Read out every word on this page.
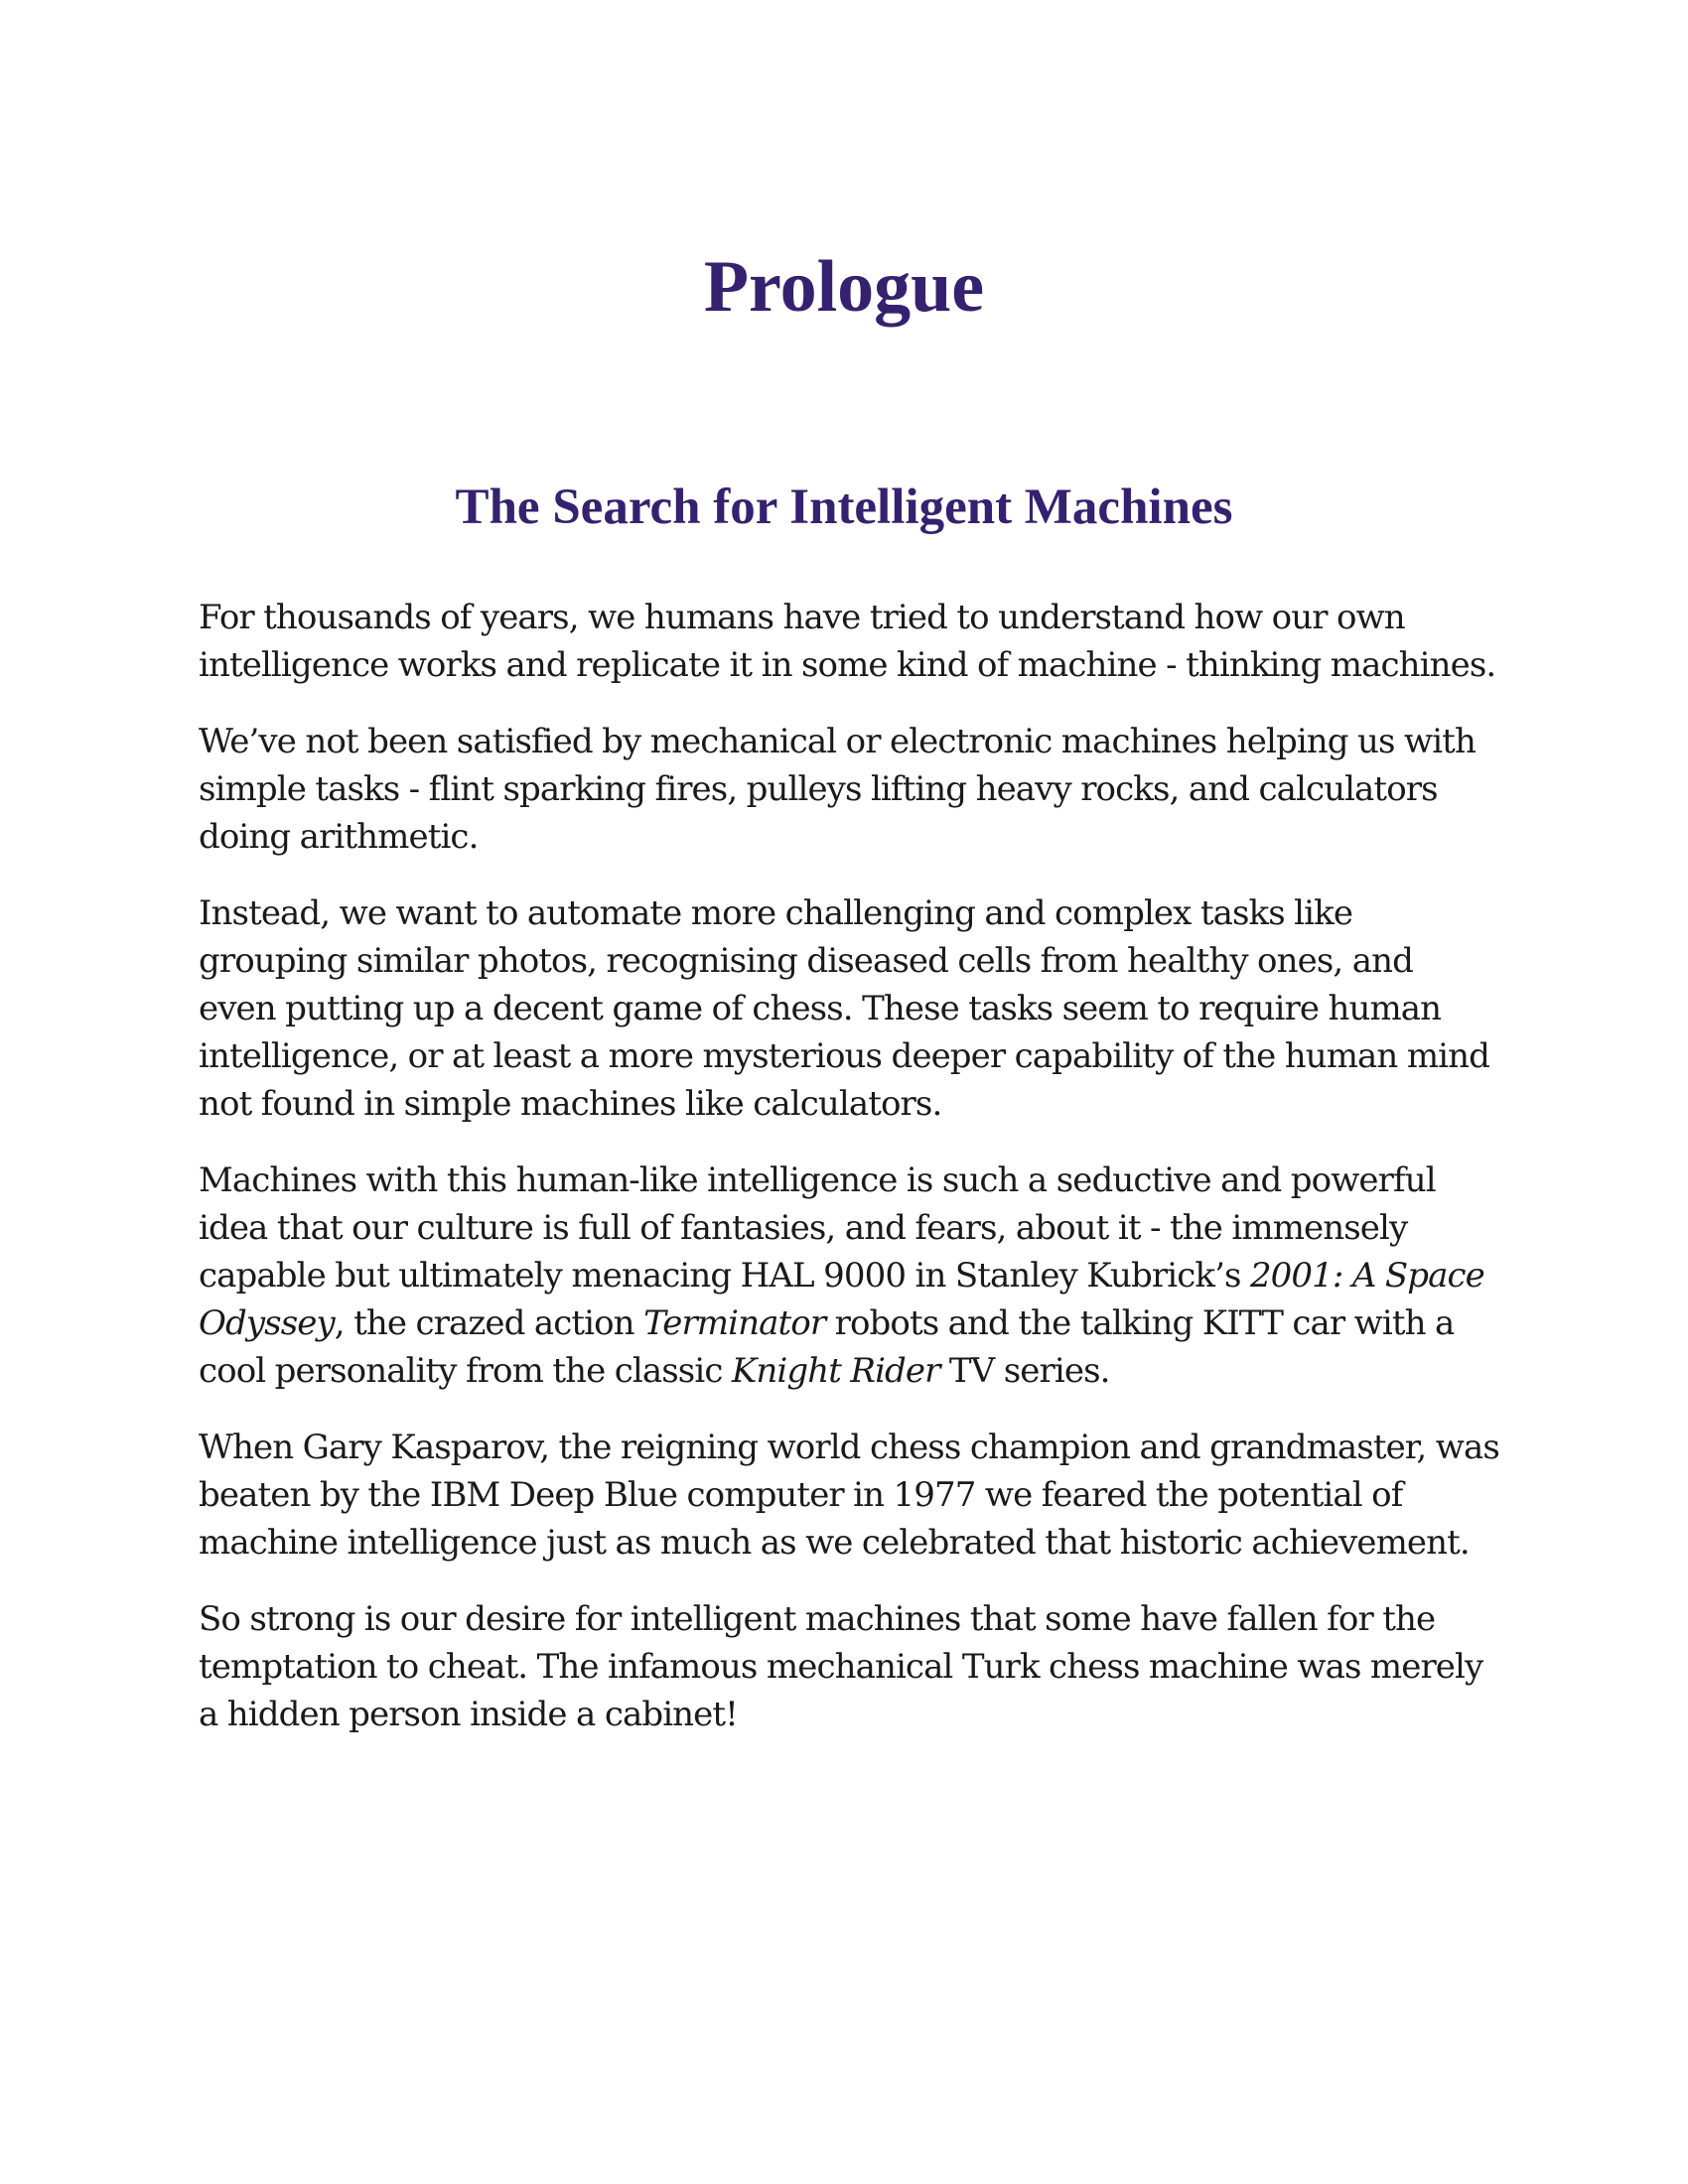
Prologue
The Search for Intelligent Machines

For thousands of years, we humans have tried to understand how our own intelligence works and replicate it in some kind of machine - thinking machines.

We’ve not been satisfied by mechanical or electronic machines helping us with simple tasks - flint sparking fires, pulleys lifting heavy rocks, and calculators doing arithmetic.

Instead, we want to automate more challenging and complex tasks like grouping similar photos, recognising diseased cells from healthy ones, and even putting up a decent game of chess. These tasks seem to require human intelligence, or at least a more mysterious deeper capability of the human mind not found in simple machines like calculators.

Machines with this human-like intelligence is such a seductive and powerful idea that our culture is full of fantasies, and fears, about it - the immensely capable but ultimately menacing HAL 9000 in Stanley Kubrick’s 2001: A Space Odyssey, the crazed action Terminator robots and the talking KITT car with a cool personality from the classic Knight Rider TV series.

When Gary Kasparov, the reigning world chess champion and grandmaster, was beaten by the IBM Deep Blue computer in 1977 we feared the potential of machine intelligence just as much as we celebrated that historic achievement.

So strong is our desire for intelligent machines that some have fallen for the temptation to cheat. The infamous mechanical Turk chess machine was merely a hidden person inside a cabinet!
